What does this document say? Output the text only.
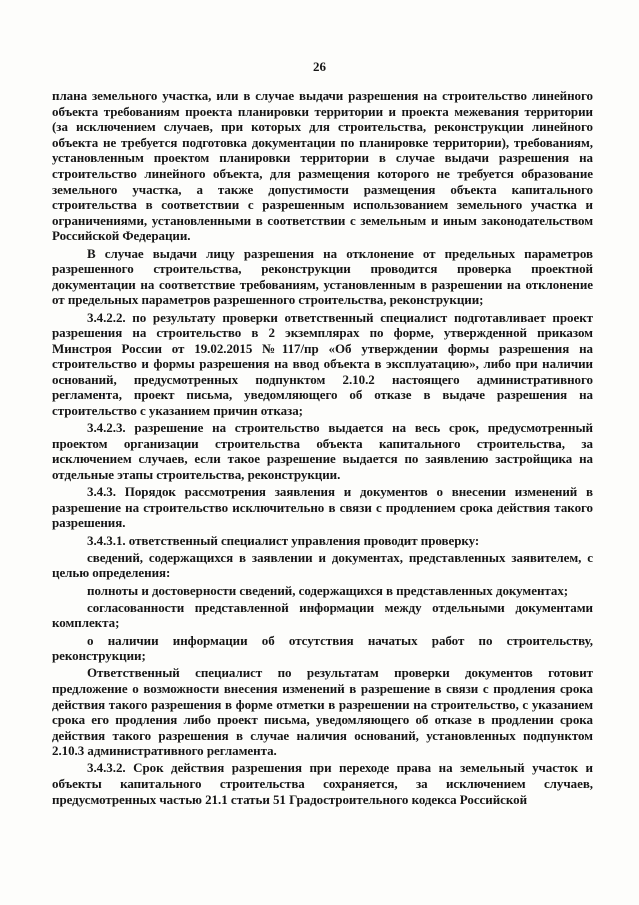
26

плана земельного участка, или в случае выдачи разрешения на строительство линейного объекта требованиям проекта планировки территории и проекта межевания территории (за исключением случаев, при которых для строительства, реконструкции линейного объекта не требуется подготовка документации по планировке территории), требованиям, установленным проектом планировки территории в случае выдачи разрешения на строительство линейного объекта, для размещения которого не требуется образование земельного участка, а также допустимости размещения объекта капитального строительства в соответствии с разрешенным использованием земельного участка и ограничениями, установленными в соответствии с земельным и иным законодательством Российской Федерации.

В случае выдачи лицу разрешения на отклонение от предельных параметров разрешенного строительства, реконструкции проводится проверка проектной документации на соответствие требованиям, установленным в разрешении на отклонение от предельных параметров разрешенного строительства, реконструкции;

3.4.2.2. по результату проверки ответственный специалист подготавливает проект разрешения на строительство в 2 экземплярах по форме, утвержденной приказом Минстроя России от 19.02.2015 №117/пр «Об утверждении формы разрешения на строительство и формы разрешения на ввод объекта в эксплуатацию», либо при наличии оснований, предусмотренных подпунктом 2.10.2 настоящего административного регламента, проект письма, уведомляющего об отказе в выдаче разрешения на строительство с указанием причин отказа;

3.4.2.3. разрешение на строительство выдается на весь срок, предусмотренный проектом организации строительства объекта капитального строительства, за исключением случаев, если такое разрешение выдается по заявлению застройщика на отдельные этапы строительства, реконструкции.

3.4.3. Порядок рассмотрения заявления и документов о внесении изменений в разрешение на строительство исключительно в связи с продлением срока действия такого разрешения.

3.4.3.1. ответственный специалист управления проводит проверку:

сведений, содержащихся в заявлении и документах, представленных заявителем, с целью определения:

полноты и достоверности сведений, содержащихся в представленных документах;

согласованности представленной информации между отдельными документами комплекта;

о наличии информации об отсутствия начатых работ по строительству, реконструкции;

Ответственный специалист по результатам проверки документов готовит предложение о возможности внесения изменений в разрешение в связи с продления срока действия такого разрешения в форме отметки в разрешении на строительство, с указанием срока его продления либо проект письма, уведомляющего об отказе в продлении срока действия такого разрешения в случае наличия оснований, установленных подпунктом 2.10.3 административного регламента.

3.4.3.2. Срок действия разрешения при переходе права на земельный участок и объекты капитального строительства сохраняется, за исключением случаев, предусмотренных частью 21.1 статьи 51 Градостроительного кодекса Российской
